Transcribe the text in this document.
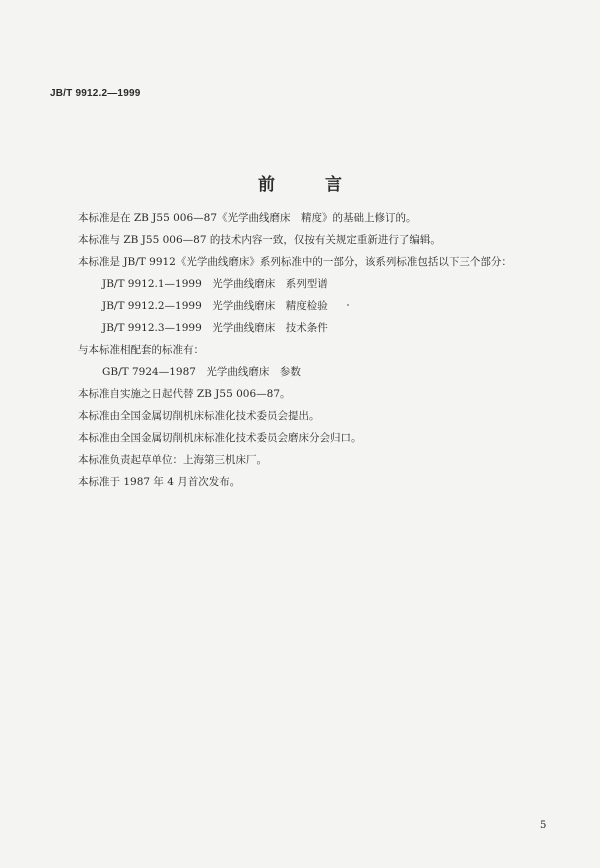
JB/T 9912.2—1999
前 言
本标准是在 ZB J55 006—87《光学曲线磨床　精度》的基础上修订的。
本标准与 ZB J55 006—87 的技术内容一致，仅按有关规定重新进行了编辑。
本标准是 JB/T 9912《光学曲线磨床》系列标准中的一部分，该系列标准包括以下三个部分：
JB/T 9912.1—1999　光学曲线磨床　系列型谱
JB/T 9912.2—1999　光学曲线磨床　精度检验
JB/T 9912.3—1999　光学曲线磨床　技术条件
与本标准相配套的标准有：
GB/T 7924—1987　光学曲线磨床　参数
本标准自实施之日起代替 ZB J55 006—87。
本标准由全国金属切削机床标准化技术委员会提出。
本标准由全国金属切削机床标准化技术委员会磨床分会归口。
本标准负责起草单位：上海第三机床厂。
本标准于 1987 年 4 月首次发布。
5
